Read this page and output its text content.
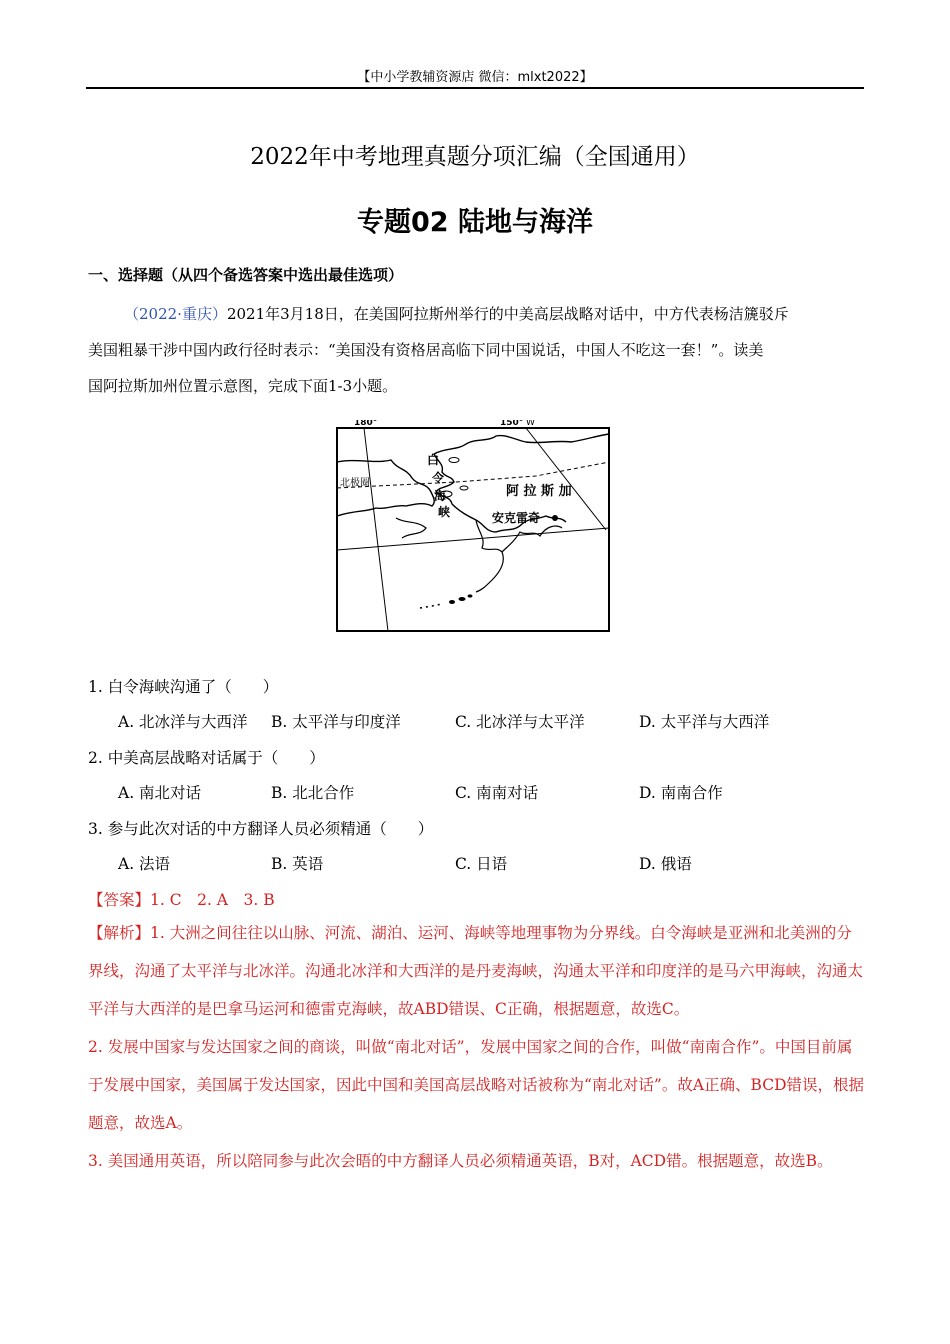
【中小学教辅资源店 微信：mlxt2022】
2022年中考地理真题分项汇编（全国通用）
专题02 陆地与海洋
一、选择题（从四个备选答案中选出最佳选项）
（2022·重庆）2021年3月18日，在美国阿拉斯州举行的中美高层战略对话中，中方代表杨洁篪驳斥
美国粗暴干涉中国内政行径时表示：“美国没有资格居高临下同中国说话，中国人不吃这一套！”。读美
国阿拉斯加州位置示意图，完成下面1-3小题。
180°	150° W
北极圈
白
令
海
峡
阿 拉 斯 加
安克雷奇
1. 白令海峡沟通了（　　）
A. 北冰洋与大西洋 B. 太平洋与印度洋	C. 北冰洋与太平洋	D. 太平洋与大西洋
2. 中美高层战略对话属于（　　）
A. 南北对话	B. 北北合作	C. 南南对话	D. 南南合作
3. 参与此次对话的中方翻译人员必须精通（　　）
A. 法语	B. 英语	C. 日语	D. 俄语
【答案】1. C　2. A　3. B
【解析】1. 大洲之间往往以山脉、河流、湖泊、运河、海峡等地理事物为分界线。白令海峡是亚洲和北美洲的分界线，沟通了太平洋与北冰洋。沟通北冰洋和大西洋的是丹麦海峡，沟通太平洋和印度洋的是马六甲海峡，沟通太平洋与大西洋的是巴拿马运河和德雷克海峡，故ABD错误、C正确，根据题意，故选C。
2. 发展中国家与发达国家之间的商谈，叫做“南北对话”，发展中国家之间的合作，叫做“南南合作”。中国目前属于发展中国家，美国属于发达国家，因此中国和美国高层战略对话被称为“南北对话”。故A正确、BCD错误，根据题意，故选A。
3. 美国通用英语，所以陪同参与此次会晤的中方翻译人员必须精通英语，B对，ACD错。根据题意，故选B。
